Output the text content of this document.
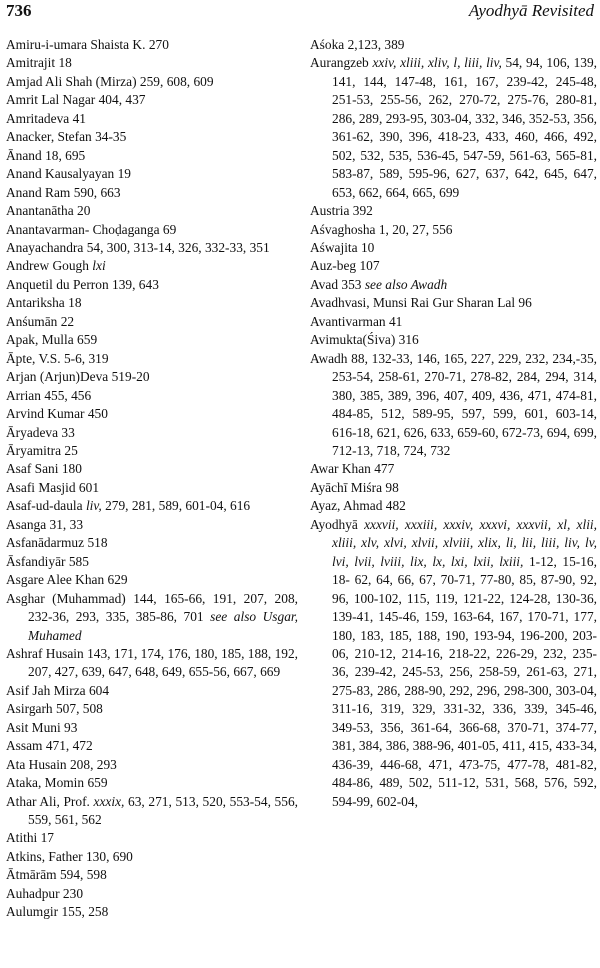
736	Ayodhyā Revisited

Amiru-i-umara Shaista K. 270

Amitrajit 18

Amjad Ali Shah (Mirza) 259, 608, 609

Amrit Lal Nagar 404, 437

Amritadeva 41

Anacker, Stefan 34-35

Ānand 18, 695

Anand Kausalyayan 19

Anand Ram 590, 663

Anantanātha 20

Anantavarman- Choḍaganga 69

Anayachandra 54, 300, 313-14, 326, 332-33, 351

Andrew Gough lxi

Anquetil du Perron 139, 643

Antariksha 18

Anśumān 22

Apak, Mulla 659

Āpte, V.S. 5-6, 319

Arjan (Arjun)Deva 519-20

Arrian 455, 456

Arvind Kumar 450

Āryadeva 33

Āryamitra 25

Asaf Sani 180

Asafi Masjid 601

Asaf-ud-daula liv, 279, 281, 589, 601-04, 616

Asanga 31, 33

Asfanādarmuz 518

Āsfandiyār 585

Asgare Alee Khan 629

Asghar (Muhammad) 144, 165-66, 191, 207, 208, 232-36, 293, 335, 385-86, 701 see also Usgar, Muhamed

Ashraf Husain 143, 171, 174, 176, 180, 185, 188, 192, 207, 427, 639, 647, 648, 649, 655-56, 667, 669

Asif Jah Mirza 604

Asirgarh 507, 508

Asit Muni 93

Assam 471, 472

Ata Husain 208, 293

Ataka, Momin 659

Athar Ali, Prof. xxxix, 63, 271, 513, 520, 553-54, 556, 559, 561, 562

Atithi 17

Atkins, Father 130, 690

Ātmārām 594, 598

Auhadpur 230

Aulumgir 155, 258

Aśoka 2,123, 389

Aurangzeb xxiv, xliii, xliv, l, liii, liv, 54, 94, 106, 139, 141, 144, 147-48, 161, 167, 239-42, 245-48, 251-53, 255-56, 262, 270-72, 275-76, 280-81, 286, 289, 293-95, 303-04, 332, 346, 352-53, 356, 361-62, 390, 396, 418-23, 433, 460, 466, 492, 502, 532, 535, 536-45, 547-59, 561-63, 565-81, 583-87, 589, 595-96, 627, 637, 642, 645, 647, 653, 662, 664, 665, 699

Austria 392

Aśvaghosha 1, 20, 27, 556

Aśwajita 10

Auz-beg 107

Avad 353 see also Awadh

Avadhvasi, Munsi Rai Gur Sharan Lal 96

Avantivarman 41

Avimukta(Śiva) 316

Awadh 88, 132-33, 146, 165, 227, 229, 232, 234,-35, 253-54, 258-61, 270-71, 278-82, 284, 294, 314, 380, 385, 389, 396, 407, 409, 436, 471, 474-81, 484-85, 512, 589-95, 597, 599, 601, 603-14, 616-18, 621, 626, 633, 659-60, 672-73, 694, 699, 712-13, 718, 724, 732

Awar Khan 477

Ayāchī Miśra 98

Ayaz, Ahmad 482

Ayodhyā xxxvii, xxxiii, xxxiv, xxxvi, xxxvii, xl, xlii, xliii, xlv, xlvi, xlvii, xlviii, xlix, li, lii, liii, liv, lv, lvi, lvii, lviii, lix, lx, lxi, lxii, lxiii, 1-12, 15-16, 18- 62, 64, 66, 67, 70-71, 77-80, 85, 87-90, 92, 96, 100-102, 115, 119, 121-22, 124-28, 130-36, 139-41, 145-46, 159, 163-64, 167, 170-71, 177, 180, 183, 185, 188, 190, 193-94, 196-200, 203-06, 210-12, 214-16, 218-22, 226-29, 232, 235-36, 239-42, 245-53, 256, 258-59, 261-63, 271, 275-83, 286, 288-90, 292, 296, 298-300, 303-04, 311-16, 319, 329, 331-32, 336, 339, 345-46, 349-53, 356, 361-64, 366-68, 370-71, 374-77, 381, 384, 386, 388-96, 401-05, 411, 415, 433-34, 436-39, 446-68, 471, 473-75, 477-78, 481-82, 484-86, 489, 502, 511-12, 531, 568, 576, 592, 594-99, 602-04,
